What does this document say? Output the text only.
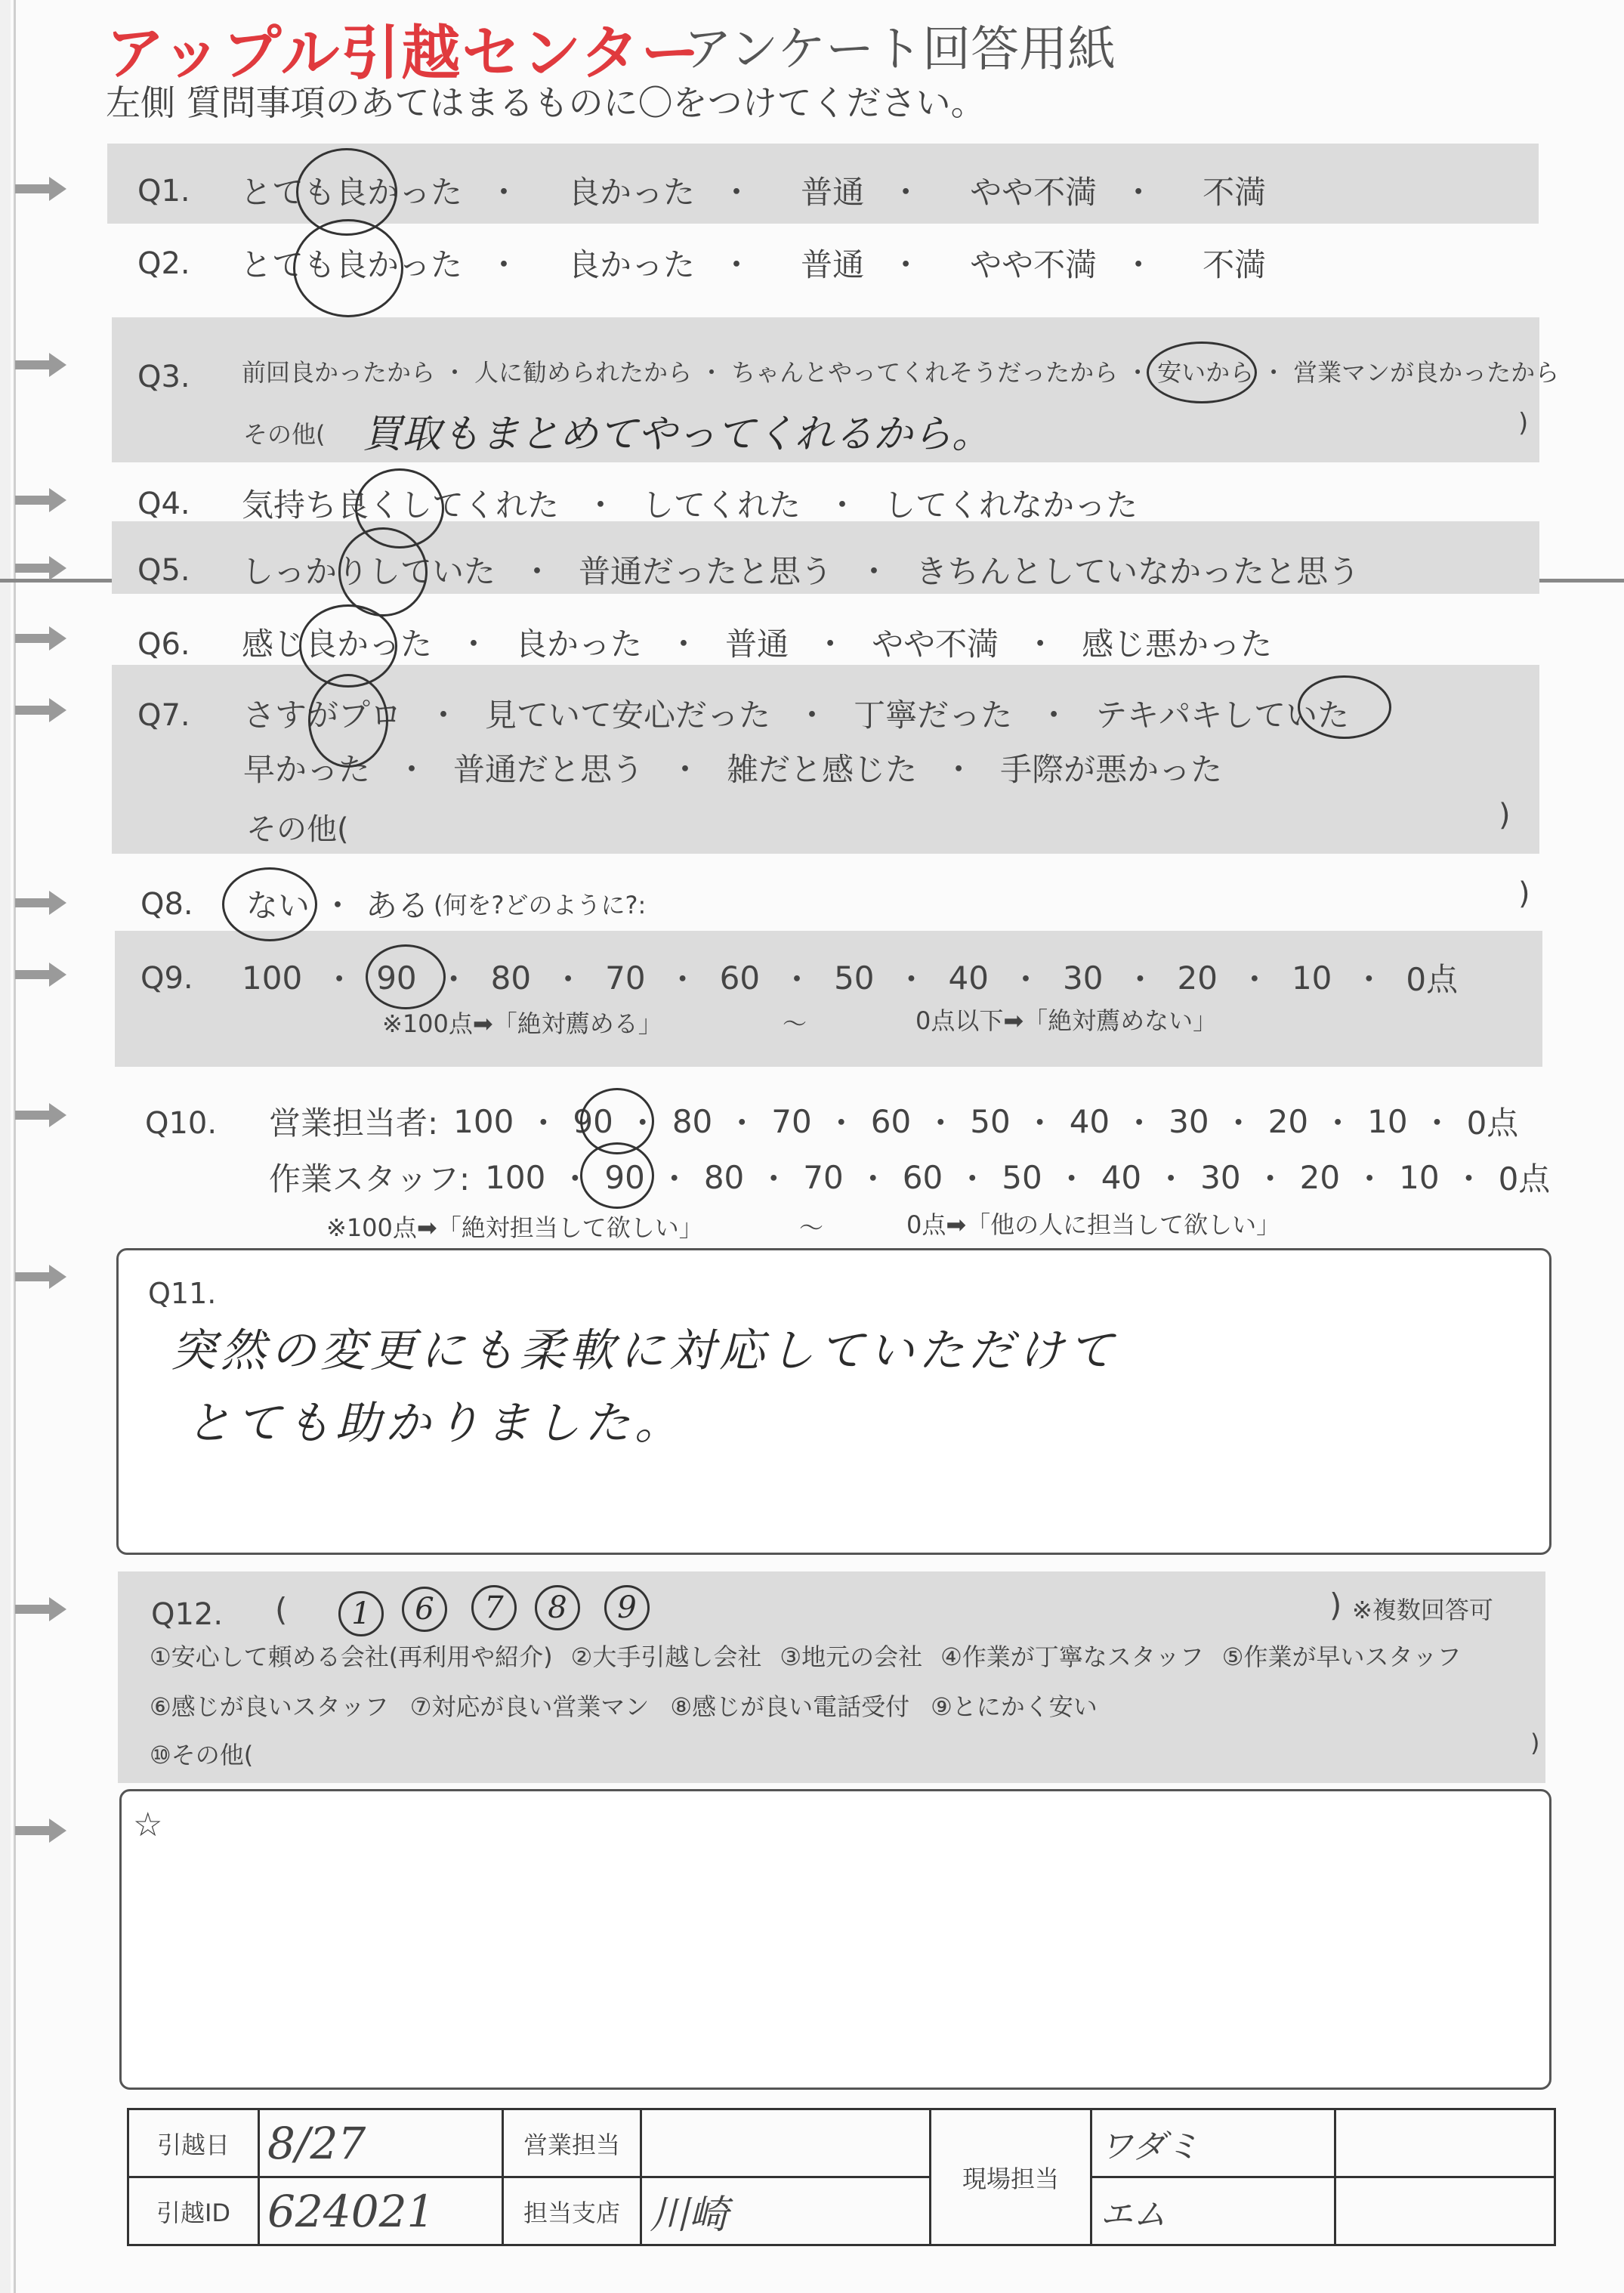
アップル引越センター
アンケート回答用紙
左側 質問事項のあてはまるものに〇をつけてください。
Q1. とても良かった ・ 良かった ・ 普通 ・ やや不満 ・ 不満
Q2. とても良かった ・ 良かった ・ 普通 ・ やや不満 ・ 不満
Q3. 前回良かったから ・ 人に勧められたから ・ ちゃんとやってくれそうだったから ・ 安いから ・ 営業マンが良かったから
その他( 買取もまとめてやってくれるから。	)
Q4. 気持ち良くしてくれた ・ してくれた ・ してくれなかった
Q5. しっかりしていた ・ 普通だったと思う ・ きちんとしていなかったと思う
Q6. 感じ良かった ・ 良かった ・ 普通 ・ やや不満 ・ 感じ悪かった
Q7. さすがプロ ・ 見ていて安心だった ・ 丁寧だった ・ テキパキしていた
早かった ・ 普通だと思う ・ 雑だと感じた ・ 手際が悪かった
その他(	)
Q8. ない ・ ある (何を?どのように?:	)
Q9. 100 ・ 90 ・ 80 ・ 70 ・ 60 ・ 50 ・ 40 ・ 30 ・ 20 ・ 10 ・ 0点
※100点➡「絶対薦める」	〜	0点以下➡「絶対薦めない」
Q10. 営業担当者: 100 ・ 90 ・ 80 ・ 70 ・ 60 ・ 50 ・ 40 ・ 30 ・ 20 ・ 10 ・ 0点
作業スタッフ: 100 ・ 90 ・ 80 ・ 70 ・ 60 ・ 50 ・ 40 ・ 30 ・ 20 ・ 10 ・ 0点
※100点➡「絶対担当して欲しい」	〜	0点➡「他の人に担当して欲しい」
Q11.
突然の変更にも柔軟に対応していただけて
とても助かりました。
Q12. (	) ※複数回答可
1	6	7	8	9
①安心して頼める会社(再利用や紹介) ②大手引越し会社 ③地元の会社 ④作業が丁寧なスタッフ ⑤作業が早いスタッフ
⑥感じが良いスタッフ ⑦対応が良い営業マン ⑧感じが良い電話受付 ⑨とにかく安い
⑩その他(	)
☆
引越日	8/27	営業担当		現場担当	ワダミ	
引越ID	624021	担当支店	川崎		エム	
